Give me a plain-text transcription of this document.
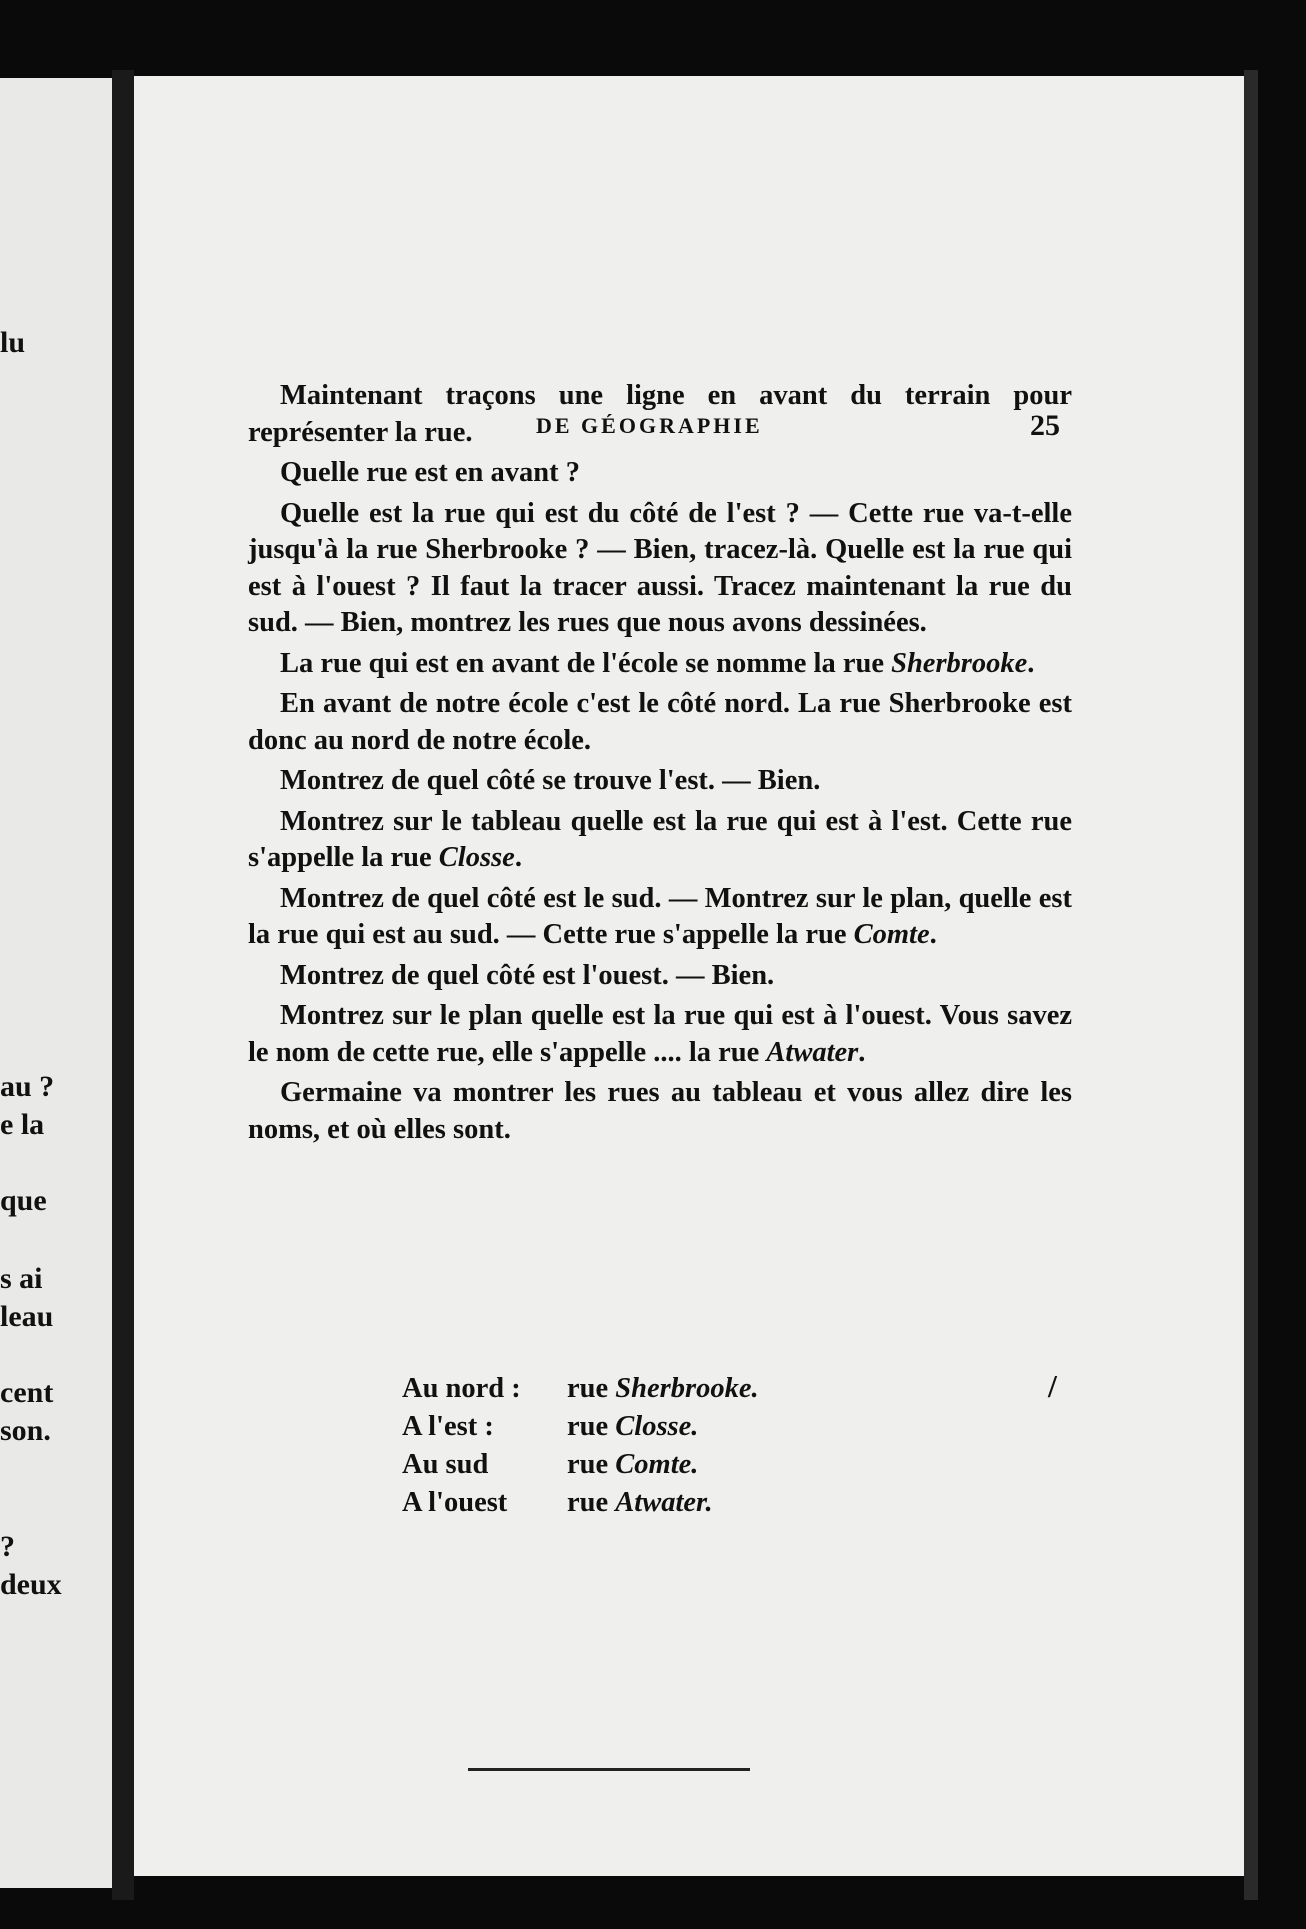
lu
au ?
e la
que
s ai
leau
cent
son.
?
deux
DE GÉOGRAPHIE	25

Maintenant traçons une ligne en avant du terrain pour représenter la rue.

Quelle rue est en avant ?

Quelle est la rue qui est du côté de l'est ? — Cette rue va-t-elle jusqu'à la rue Sherbrooke ? — Bien, tracez-là. Quelle est la rue qui est à l'ouest ? Il faut la tracer aussi. Tracez maintenant la rue du sud. — Bien, montrez les rues que nous avons dessinées.

La rue qui est en avant de l'école se nomme la rue Sherbrooke.

En avant de notre école c'est le côté nord. La rue Sherbrooke est donc au nord de notre école.

Montrez de quel côté se trouve l'est. — Bien.

Montrez sur le tableau quelle est la rue qui est à l'est. Cette rue s'appelle la rue Closse.

Montrez de quel côté est le sud. — Montrez sur le plan, quelle est la rue qui est au sud. — Cette rue s'appelle la rue Comte.

Montrez de quel côté est l'ouest. — Bien.

Montrez sur le plan quelle est la rue qui est à l'ouest. Vous savez le nom de cette rue, elle s'appelle .... la rue Atwater.

Germaine va montrer les rues au tableau et vous allez dire les noms, et où elles sont.

Au nord :	rue Sherbrooke.
A l'est :	rue Closse.
Au sud	rue Comte.
A l'ouest	rue Atwater.
/
